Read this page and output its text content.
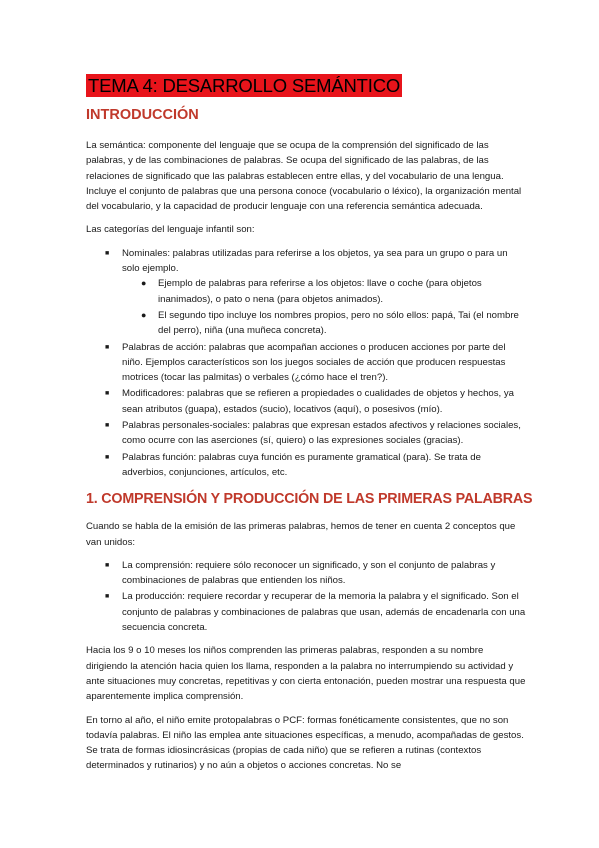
TEMA 4: DESARROLLO SEMÁNTICO
INTRODUCCIÓN

La semántica: componente del lenguaje que se ocupa de la comprensión del significado de las palabras, y de las combinaciones de palabras. Se ocupa del significado de las palabras, de las relaciones de significado que las palabras establecen entre ellas, y del vocabulario de una lengua. Incluye el conjunto de palabras que una persona conoce (vocabulario o léxico), la organización mental del vocabulario, y la capacidad de producir lenguaje con una referencia semántica adecuada.

Las categorías del lenguaje infantil son:

■ Nominales: palabras utilizadas para referirse a los objetos, ya sea para un grupo o para un solo ejemplo.
● Ejemplo de palabras para referirse a los objetos: llave o coche (para objetos inanimados), o pato o nena (para objetos animados).
● El segundo tipo incluye los nombres propios, pero no sólo ellos: papá, Tai (el nombre del perro), niña (una muñeca concreta).
■ Palabras de acción: palabras que acompañan acciones o producen acciones por parte del niño. Ejemplos característicos son los juegos sociales de acción que producen respuestas motrices (tocar las palmitas) o verbales (¿cómo hace el tren?).
■ Modificadores: palabras que se refieren a propiedades o cualidades de objetos y hechos, ya sean atributos (guapa), estados (sucio), locativos (aquí), o posesivos (mío).
■ Palabras personales-sociales: palabras que expresan estados afectivos y relaciones sociales, como ocurre con las aserciones (sí, quiero) o las expresiones sociales (gracias).
■ Palabras función: palabras cuya función es puramente gramatical (para). Se trata de adverbios, conjunciones, artículos, etc.
1. COMPRENSIÓN Y PRODUCCIÓN DE LAS PRIMERAS PALABRAS

Cuando se habla de la emisión de las primeras palabras, hemos de tener en cuenta 2 conceptos que van unidos:

■ La comprensión: requiere sólo reconocer un significado, y son el conjunto de palabras y combinaciones de palabras que entienden los niños.
■ La producción: requiere recordar y recuperar de la memoria la palabra y el significado. Son el conjunto de palabras y combinaciones de palabras que usan, además de encadenarla con una secuencia concreta.

Hacia los 9 o 10 meses los niños comprenden las primeras palabras, responden a su nombre dirigiendo la atención hacia quien los llama, responden a la palabra no interrumpiendo su actividad y ante situaciones muy concretas, repetitivas y con cierta entonación, pueden mostrar una respuesta que aparentemente implica comprensión.

En torno al año, el niño emite protopalabras o PCF: formas fonéticamente consistentes, que no son todavía palabras. El niño las emplea ante situaciones específicas, a menudo, acompañadas de gestos. Se trata de formas idiosincrásicas (propias de cada niño) que se refieren a rutinas (contextos determinados y rutinarios) y no aún a objetos o acciones concretas. No se
